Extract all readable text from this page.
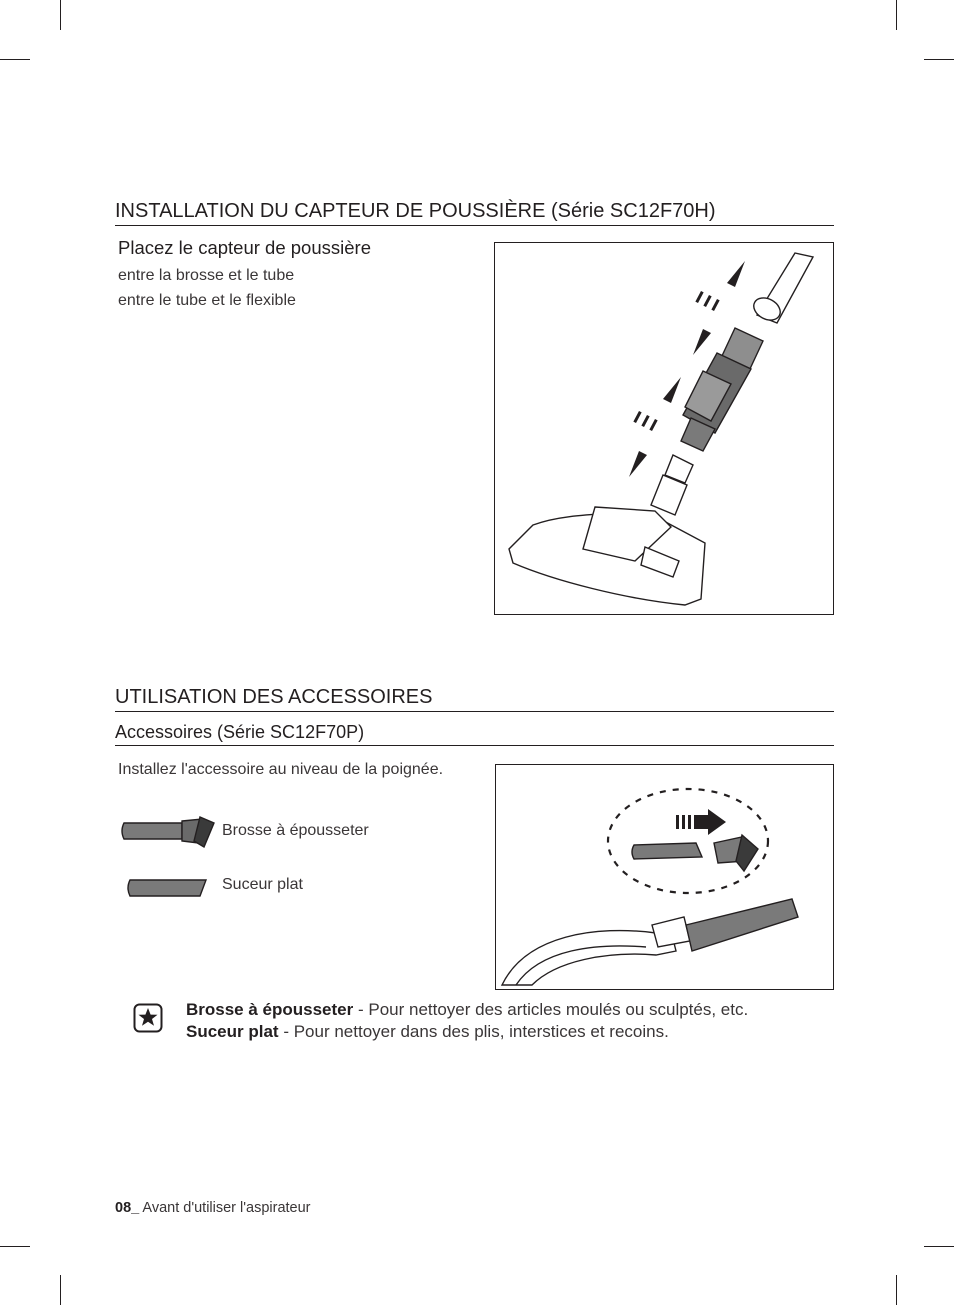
INSTALLATION DU CAPTEUR DE POUSSIÈRE (Série SC12F70H)
Placez le capteur de poussière
entre la brosse et le tube
entre le tube et le flexible
UTILISATION DES ACCESSOIRES
Accessoires (Série SC12F70P)
Installez l'accessoire au niveau de la poignée.
Brosse à épousseter
Suceur plat
Brosse à épousseter - Pour nettoyer des articles moulés ou sculptés, etc.
Suceur plat - Pour nettoyer dans des plis, interstices et recoins.
08_ Avant d'utiliser l'aspirateur
